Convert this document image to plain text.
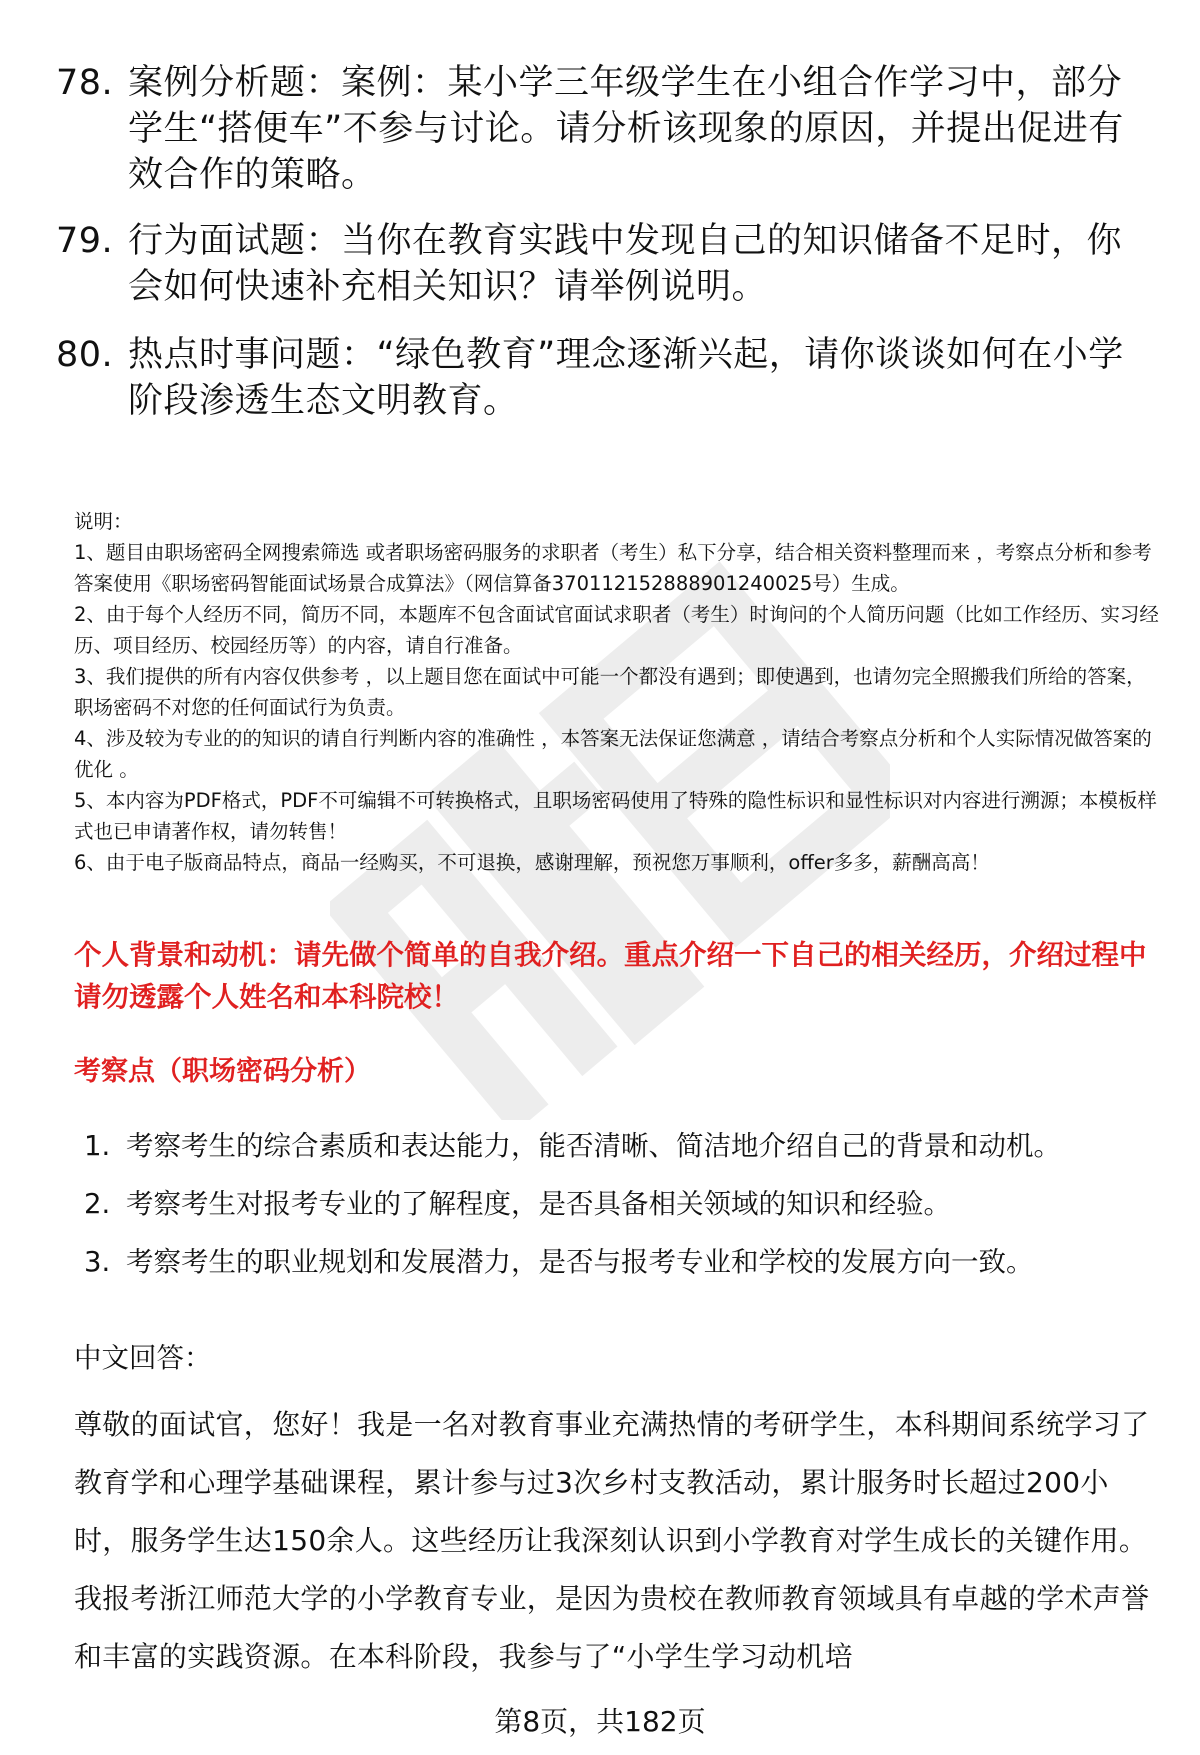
78. 案例分析题：案例：某小学三年级学生在小组合作学习中，部分学生“搭便车”不参与讨论。请分析该现象的原因，并提出促进有效合作的策略。
79. 行为面试题：当你在教育实践中发现自己的知识储备不足时，你会如何快速补充相关知识？请举例说明。
80. 热点时事问题：“绿色教育”理念逐渐兴起，请你谈谈如何在小学阶段渗透生态文明教育。

说明：

1、题目由职场密码全网搜索筛选 或者职场密码服务的求职者（考生）私下分享，结合相关资料整理而来 ，考察点分析和参考答案使用《职场密码智能面试场景合成算法》（网信算备370112152888901240025号）生成。

2、由于每个人经历不同，简历不同，本题库不包含面试官面试求职者（考生）时询问的个人简历问题（比如工作经历、实习经历、项目经历、校园经历等）的内容，请自行准备。

3、我们提供的所有内容仅供参考 ，以上题目您在面试中可能一个都没有遇到；即使遇到，也请勿完全照搬我们所给的答案，职场密码不对您的任何面试行为负责。

4、涉及较为专业的的知识的请自行判断内容的准确性 ，本答案无法保证您满意 ，请结合考察点分析和个人实际情况做答案的优化 。

5、本内容为PDF格式，PDF不可编辑不可转换格式，且职场密码使用了特殊的隐性标识和显性标识对内容进行溯源；本模板样式也已申请著作权，请勿转售！

6、由于电子版商品特点，商品一经购买，不可退换，感谢理解，预祝您万事顺利，offer多多，薪酬高高！

个人背景和动机：请先做个简单的自我介绍。重点介绍一下自己的相关经历，介绍过程中请勿透露个人姓名和本科院校！
考察点（职场密码分析）
1. 考察考生的综合素质和表达能力，能否清晰、简洁地介绍自己的背景和动机。
2. 考察考生对报考专业的了解程度，是否具备相关领域的知识和经验。
3. 考察考生的职业规划和发展潜力，是否与报考专业和学校的发展方向一致。
中文回答：
尊敬的面试官，您好！我是一名对教育事业充满热情的考研学生，本科期间系统学习了教育学和心理学基础课程，累计参与过3次乡村支教活动，累计服务时长超过200小时，服务学生达150余人。这些经历让我深刻认识到小学教育对学生成长的关键作用。我报考浙江师范大学的小学教育专业，是因为贵校在教师教育领域具有卓越的学术声誉和丰富的实践资源。在本科阶段，我参与了“小学生学习动机培
第8页，共182页
